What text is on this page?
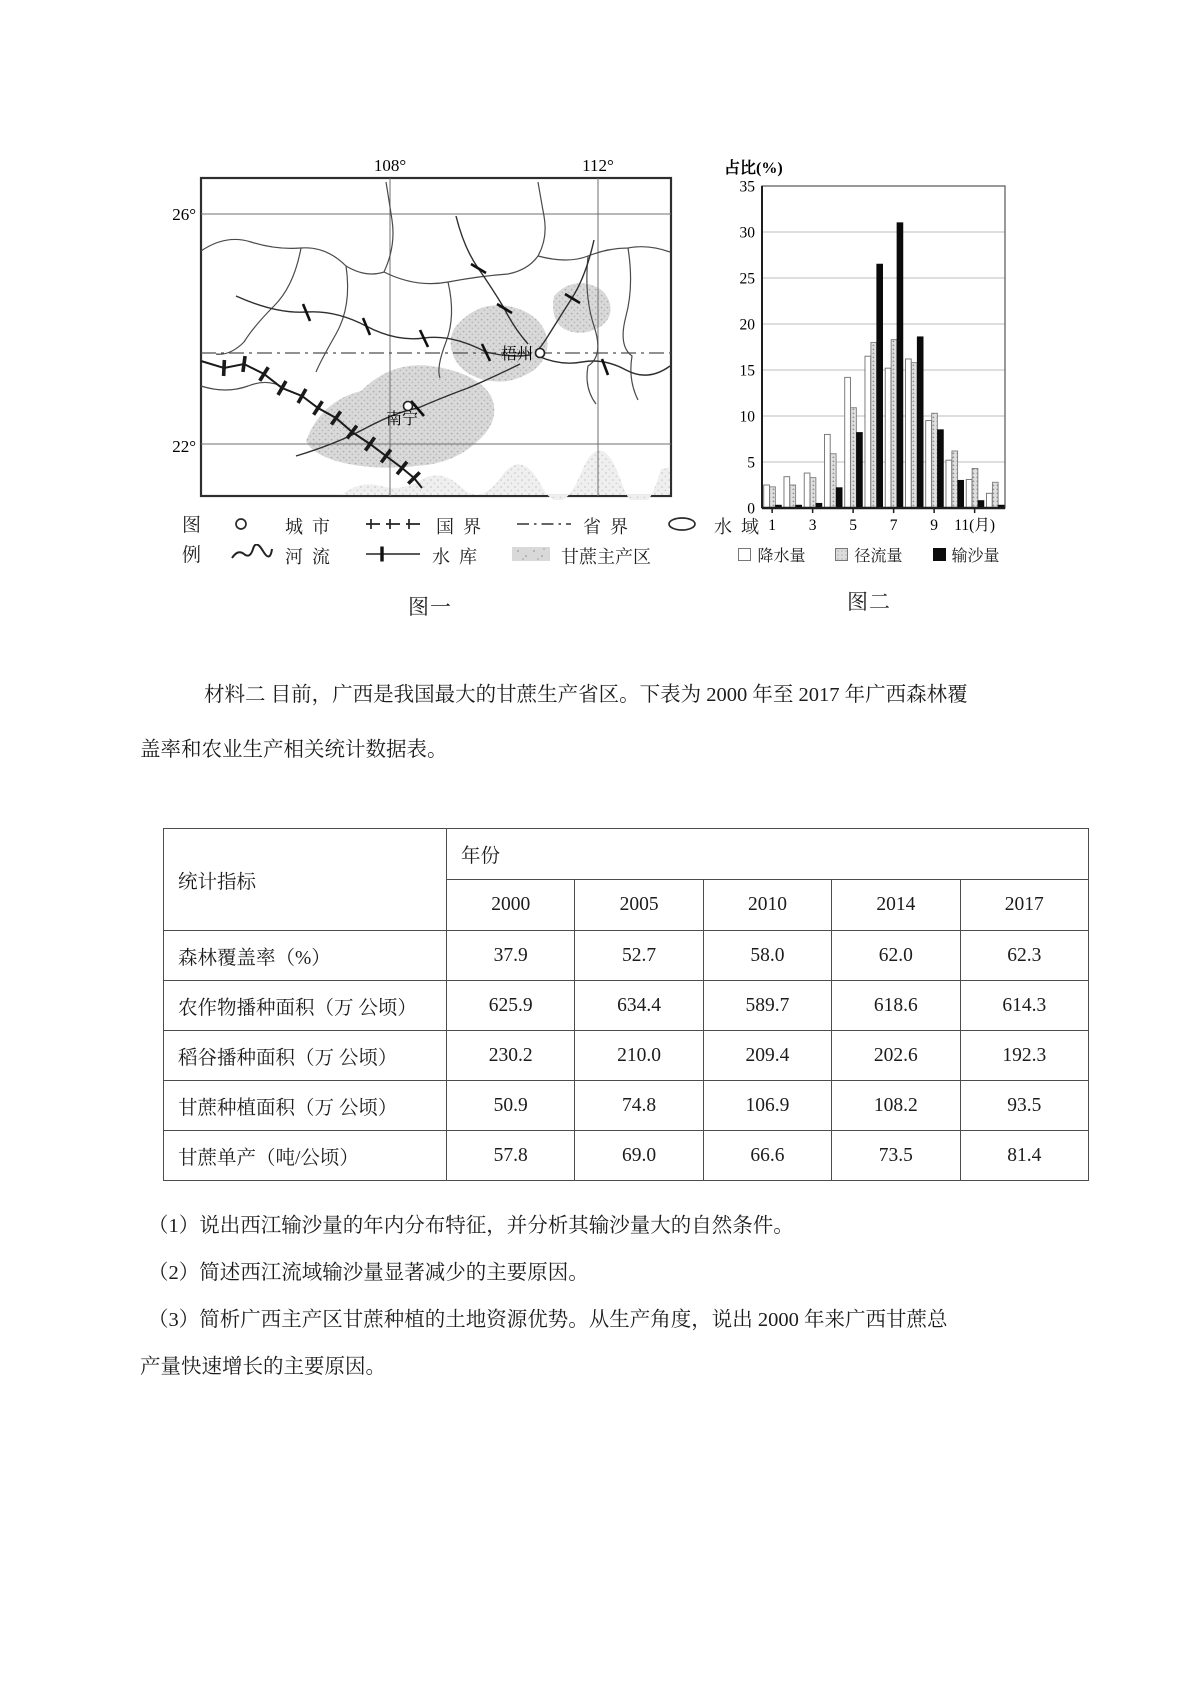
108°	112°
26°
22°
梧州
南宁
图
例
城  市	国  界	省  界	水  域
河  流	水  库	甘蔗主产区
图一
占比(%)
0
5
10
15
20
25
30
35
1 3 5 7 9 11(月)
降水量	径流量	输沙量
图二
材料二 目前，广西是我国最大的甘蔗生产省区。下表为 2000 年至 2017 年广西森林覆
盖率和农业生产相关统计数据表。
统计指标	年份				
	2000	2005	2010	2014	2017
森林覆盖率（%）	37.9	52.7	58.0	62.0	62.3
农作物播种面积（万 公顷）	625.9	634.4	589.7	618.6	614.3
稻谷播种面积（万 公顷）	230.2	210.0	209.4	202.6	192.3
甘蔗种植面积（万 公顷）	50.9	74.8	106.9	108.2	93.5
甘蔗单产（吨/公顷）	57.8	69.0	66.6	73.5	81.4

（1）说出西江输沙量的年内分布特征，并分析其输沙量大的自然条件。

（2）简述西江流域输沙量显著减少的主要原因。

（3）简析广西主产区甘蔗种植的土地资源优势。从生产角度，说出 2000 年来广西甘蔗总
产量快速增长的主要原因。
